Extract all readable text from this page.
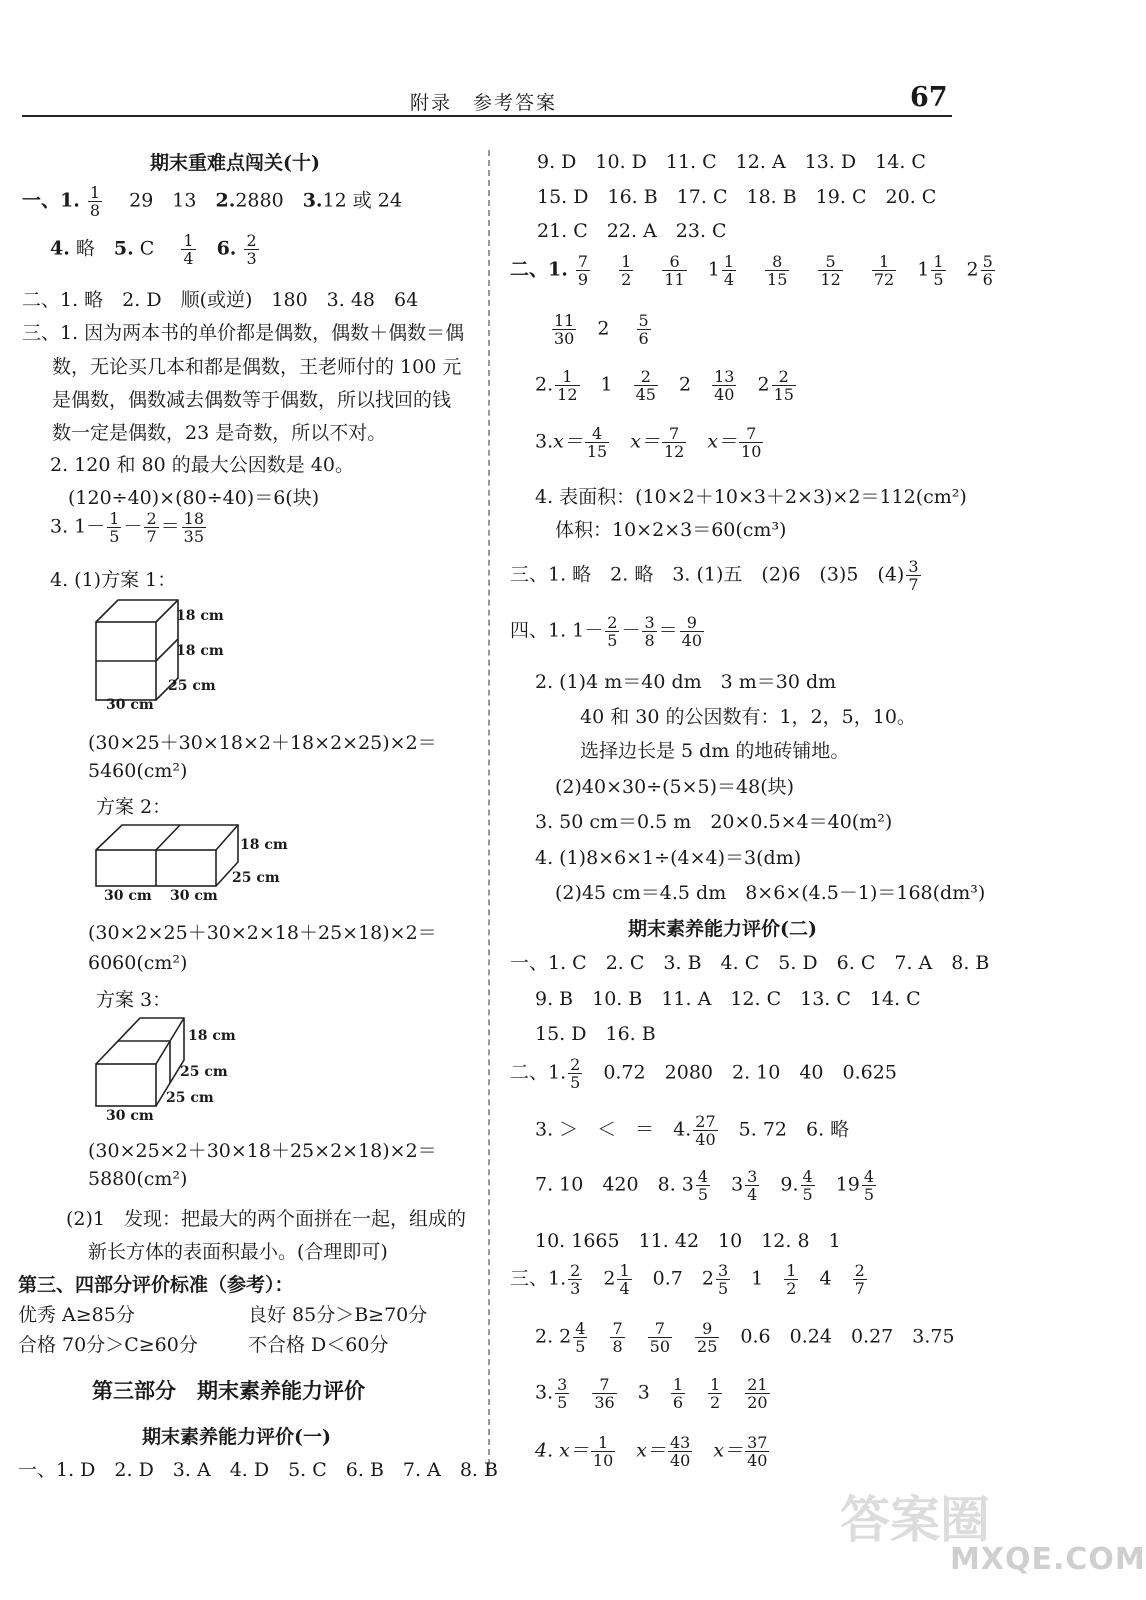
附录　参考答案	67
期末重难点闯关(十)
一、1. $\frac{1}{8}$
　 29　13　2.2880　3.12 或 24
4. 略　5. C　 $\frac{1}{4}$
　 6. $\frac{2}{3}$
二、1. 略　2. D　顺(或逆)　180　3. 48　64
三、1. 因为两本书的单价都是偶数，偶数＋偶数＝偶
数，无论买几本和都是偶数，王老师付的 100 元
是偶数，偶数减去偶数等于偶数，所以找回的钱
数一定是偶数，23 是奇数，所以不对。
2. 120 和 80 的最大公因数是 40。
(120÷40)×(80÷40)＝6(块)
3. $1- \frac{1}{5} - \frac{2}{7} = \frac{18}{35}$
4. (1)方案 1：
18 cm
18 cm
25 cm
30 cm
(30×25＋30×18×2＋18×2×25)×2＝
5460(cm²)
方案 2：
18 cm
25 cm
30 cm 30 cm
(30×2×25＋30×2×18＋25×18)×2＝
6060(cm²)
方案 3：
18 cm
25 cm
25 cm
30 cm
(30×25×2＋30×18＋25×2×18)×2＝
5880(cm²)
(2)1　发现：把最大的两个面拼在一起，组成的
新长方体的表面积最小。(合理即可)
第三、四部分评价标准（参考）：
优秀 A≥85分	良好 85分＞B≥70分
合格 70分＞C≥60分	不合格 D＜60分
第三部分　期末素养能力评价
期末素养能力评价(一)
一、1. D　2. D　3. A　4. D　5. C　6. B　7. A　8. B
9. D　10. D　11. C　12. A　13. D　14. C
15. D　16. B　17. C　18. B　19. C　20. C
21. C　22. A　23. C
二、1. $\frac{7}{9}$
　 $\frac{1}{2}$
　 $\frac{6}{11}$ 　$1 \frac{1}{4}$
　 $\frac{8}{15}$
　 $\frac{5}{12}$
　 $\frac{1}{72}$ 　$1 \frac{1}{5}$ 　$2 \frac{5}{6}$
$\frac{11}{30}$ 　2　 $\frac{5}{6}$
2. $\frac{1}{12}$
　 1　 $\frac{2}{45}$
　 2　 $\frac{13}{40}$
　 $2 \frac{2}{15}$
$3.x= \frac{4}{15}$
　 $x= \frac{7}{12}$
　 $x= \frac{7}{10}$
4. 表面积：(10×2＋10×3＋2×3)×2＝112(cm²)
体积：10×2×3＝60(cm³)
三、1. 略　2. 略　3. (1)五　(2)6　(3)5　$(4) \frac{3}{7}$
四、1. $1- \frac{2}{5} - \frac{3}{8} = \frac{9}{40}$
2. (1)4 m＝40 dm　3 m＝30 dm
40 和 30 的公因数有：1，2，5，10。
选择边长是 5 dm 的地砖铺地。
(2)40×30÷(5×5)＝48(块)
3. 50 cm＝0.5 m　20×0.5×4＝40(m²)
4. (1)8×6×1÷(4×4)＝3(dm)
(2)45 cm＝4.5 dm　8×6×(4.5－1)＝168(dm³)
期末素养能力评价(二)
一、1. C　2. C　3. B　4. C　5. D　6. C　7. A　8. B
9. B　10. B　11. A　12. C　13. C　14. C
15. D　16. B
二、1. $\frac{2}{5}$
　 0.72　2080　2. 10　40　0.625
3. ＞　＜　＝　4. $\frac{27}{40}$
　 5. 72　6. 略
7. 10　420　8. $3 \frac{4}{5}$
　 $3 \frac{3}{4}$
　 9. $\frac{4}{5}$
　 $19 \frac{4}{5}$
10. 1665　11. 42　10　12. 8　1
三、1. $\frac{2}{3}$
　 $2 \frac{1}{4}$
　 0.7　$2 \frac{3}{5}$
　 1　 $\frac{1}{2}$
　 4　 $\frac{2}{7}$
2. $2 \frac{4}{5}$
　 $\frac{7}{8}$
　 $\frac{7}{50}$
　 $\frac{9}{25}$
　 0.6　0.24　0.27　3.75
3. $\frac{3}{5}$
　 $\frac{7}{36}$
　 3　 $\frac{1}{6}$
　 $\frac{1}{2}$
　 $\frac{21}{20}$
4. $x= \frac{1}{10}$
　 $x= \frac{43}{40}$
　 $x= \frac{37}{40}$
答案圈
MXQE.COM
